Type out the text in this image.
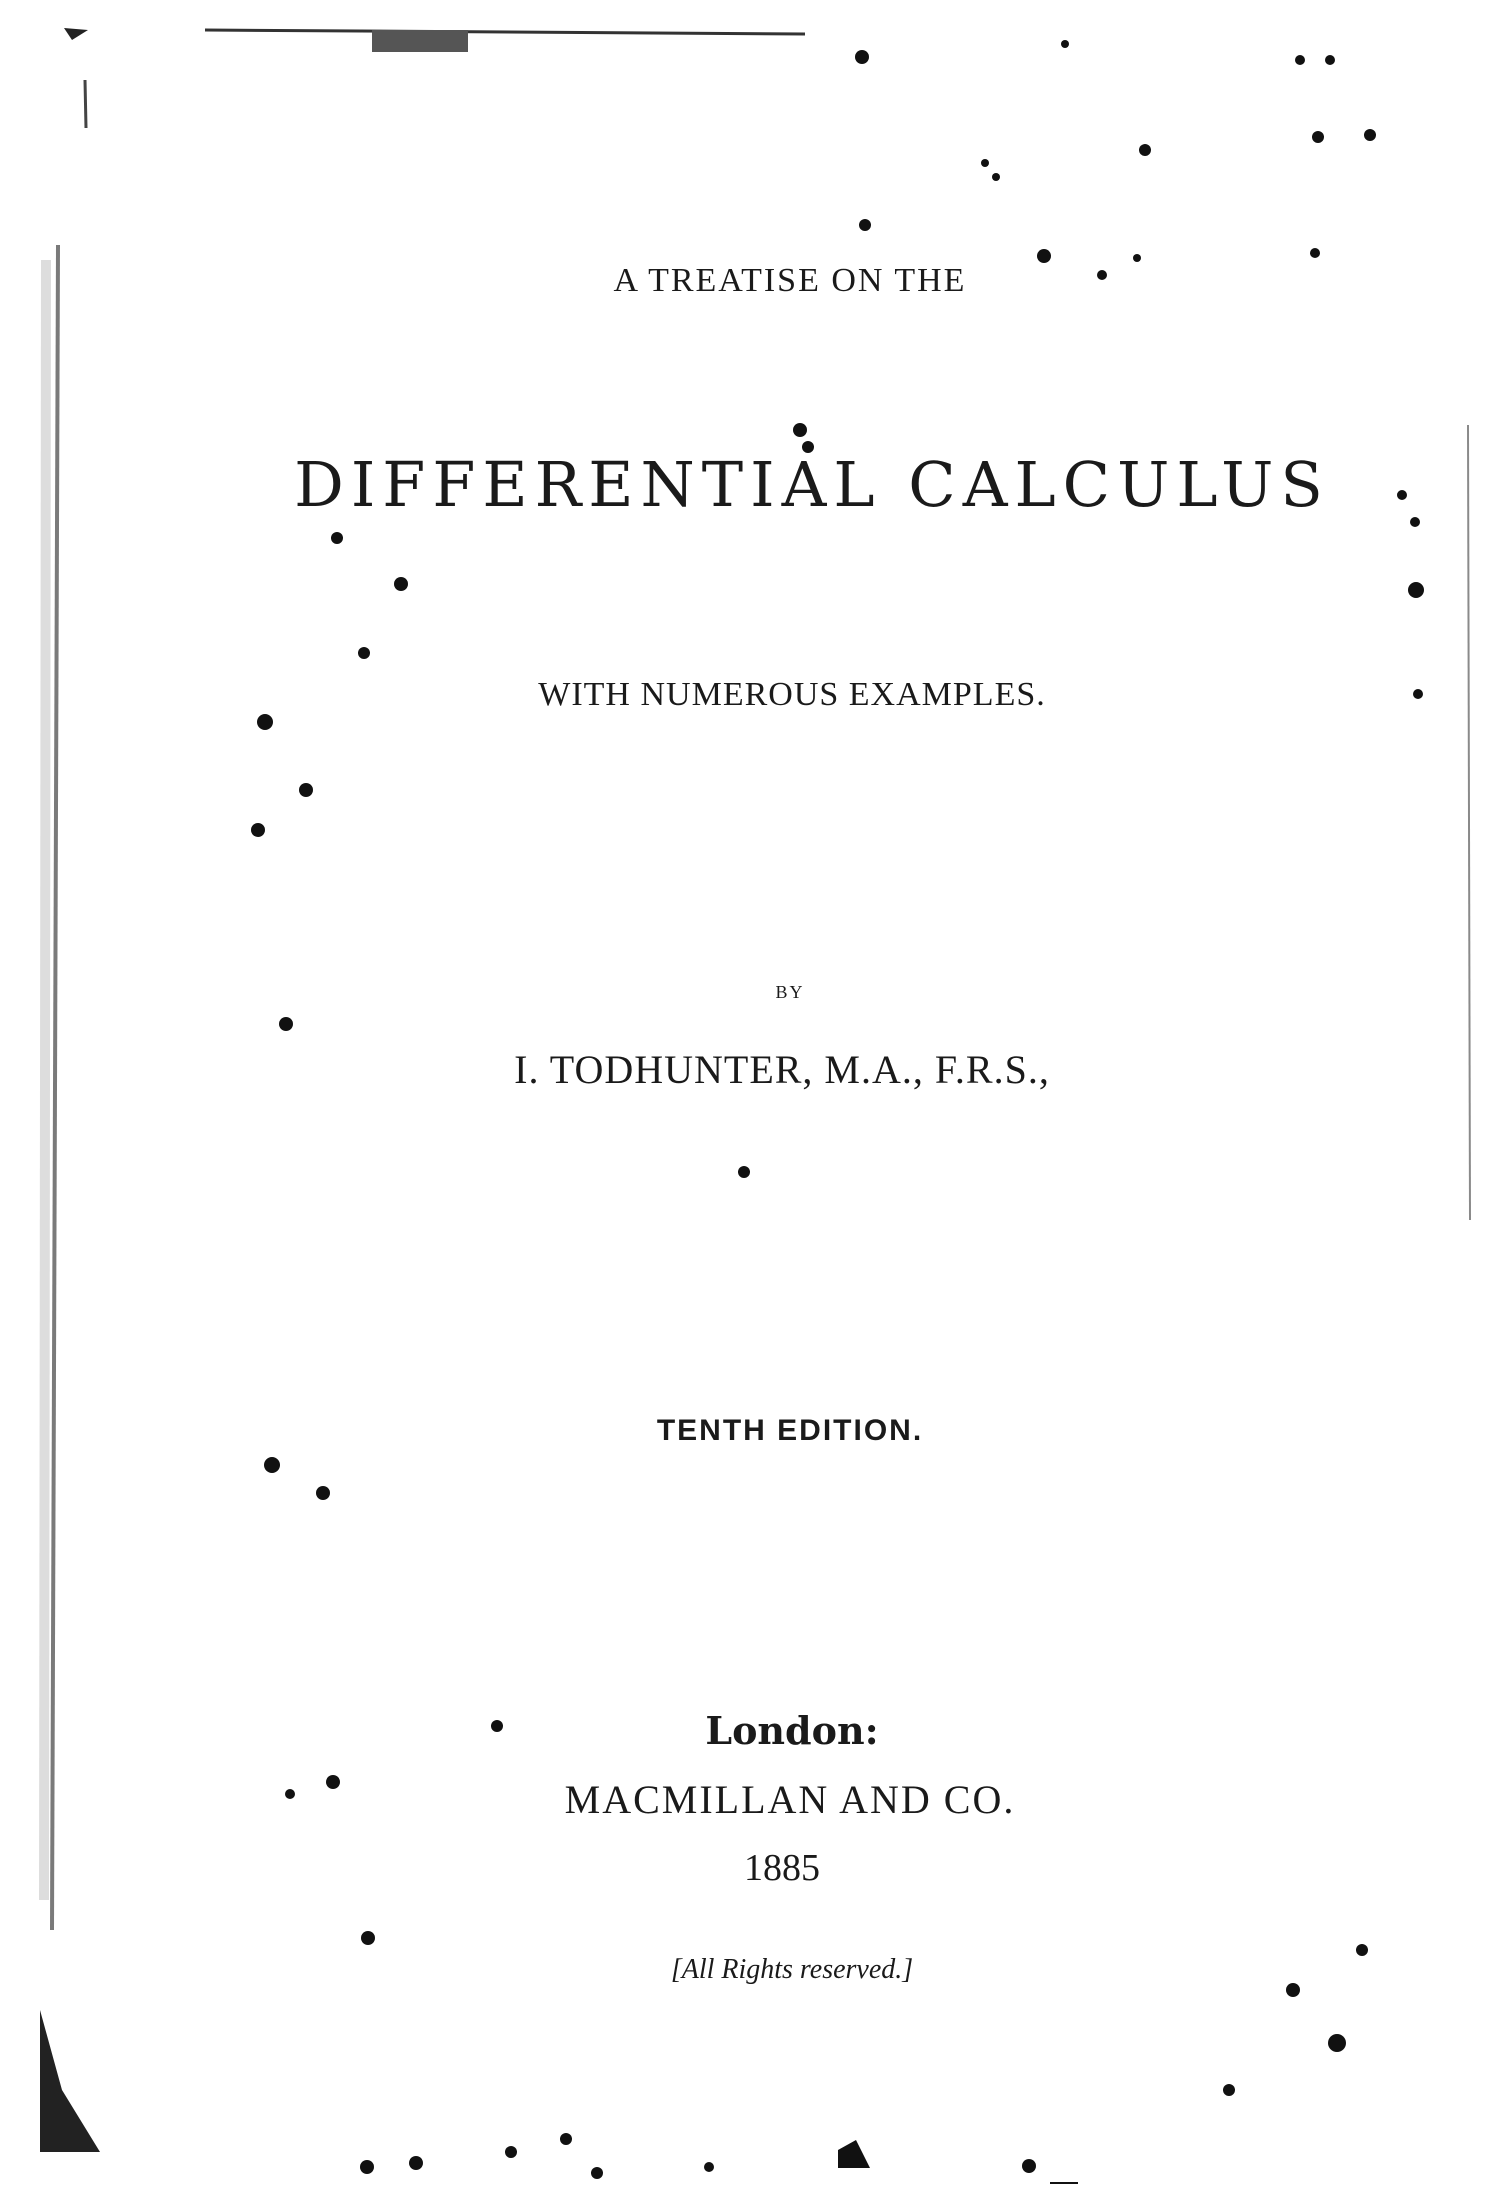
A TREATISE ON THE
DIFFERENTIAL CALCULUS
WITH NUMEROUS EXAMPLES.
BY
I. TODHUNTER, M.A., F.R.S.,
TENTH EDITION.
London:
MACMILLAN AND CO.
1885
[All Rights reserved.]
